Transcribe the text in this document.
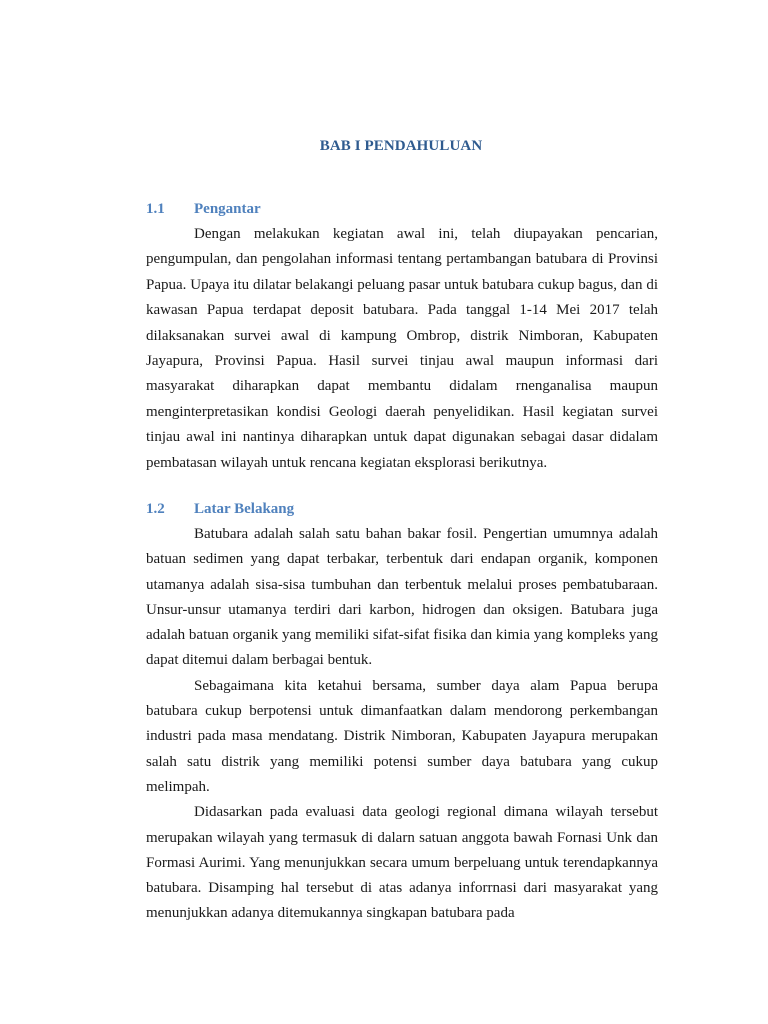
BAB I PENDAHULUAN
1.1 Pengantar

Dengan melakukan kegiatan awal ini, telah diupayakan pencarian, pengumpulan, dan pengolahan informasi tentang pertambangan batubara di Provinsi Papua. Upaya itu dilatar belakangi peluang pasar untuk batubara cukup bagus, dan di kawasan Papua terdapat deposit batubara. Pada tanggal 1-14 Mei 2017 telah dilaksanakan survei awal di kampung Ombrop, distrik Nimboran, Kabupaten Jayapura, Provinsi Papua. Hasil survei tinjau awal maupun informasi dari masyarakat diharapkan dapat membantu didalam rnenganalisa maupun menginterpretasikan kondisi Geologi daerah penyelidikan. Hasil kegiatan survei tinjau awal ini nantinya diharapkan untuk dapat digunakan sebagai dasar didalam pembatasan wilayah untuk rencana kegiatan eksplorasi berikutnya.

1.2 Latar Belakang

Batubara adalah salah satu bahan bakar fosil. Pengertian umumnya adalah batuan sedimen yang dapat terbakar, terbentuk dari endapan organik, komponen utamanya adalah sisa-sisa tumbuhan dan terbentuk melalui proses pembatubaraan. Unsur-unsur utamanya terdiri dari karbon, hidrogen dan oksigen. Batubara juga adalah batuan organik yang memiliki sifat-sifat fisika dan kimia yang kompleks yang dapat ditemui dalam berbagai bentuk.

Sebagaimana kita ketahui bersama, sumber daya alam Papua berupa batubara cukup berpotensi untuk dimanfaatkan dalam mendorong perkembangan industri pada masa mendatang. Distrik Nimboran, Kabupaten Jayapura merupakan salah satu distrik yang memiliki potensi sumber daya batubara yang cukup melimpah.

Didasarkan pada evaluasi data geologi regional dimana wilayah tersebut merupakan wilayah yang termasuk di dalarn satuan anggota bawah Fornasi Unk dan Formasi Aurimi. Yang menunjukkan secara umum berpeluang untuk terendapkannya batubara. Disamping hal tersebut di atas adanya inforrnasi dari masyarakat yang menunjukkan adanya ditemukannya singkapan batubara pada
